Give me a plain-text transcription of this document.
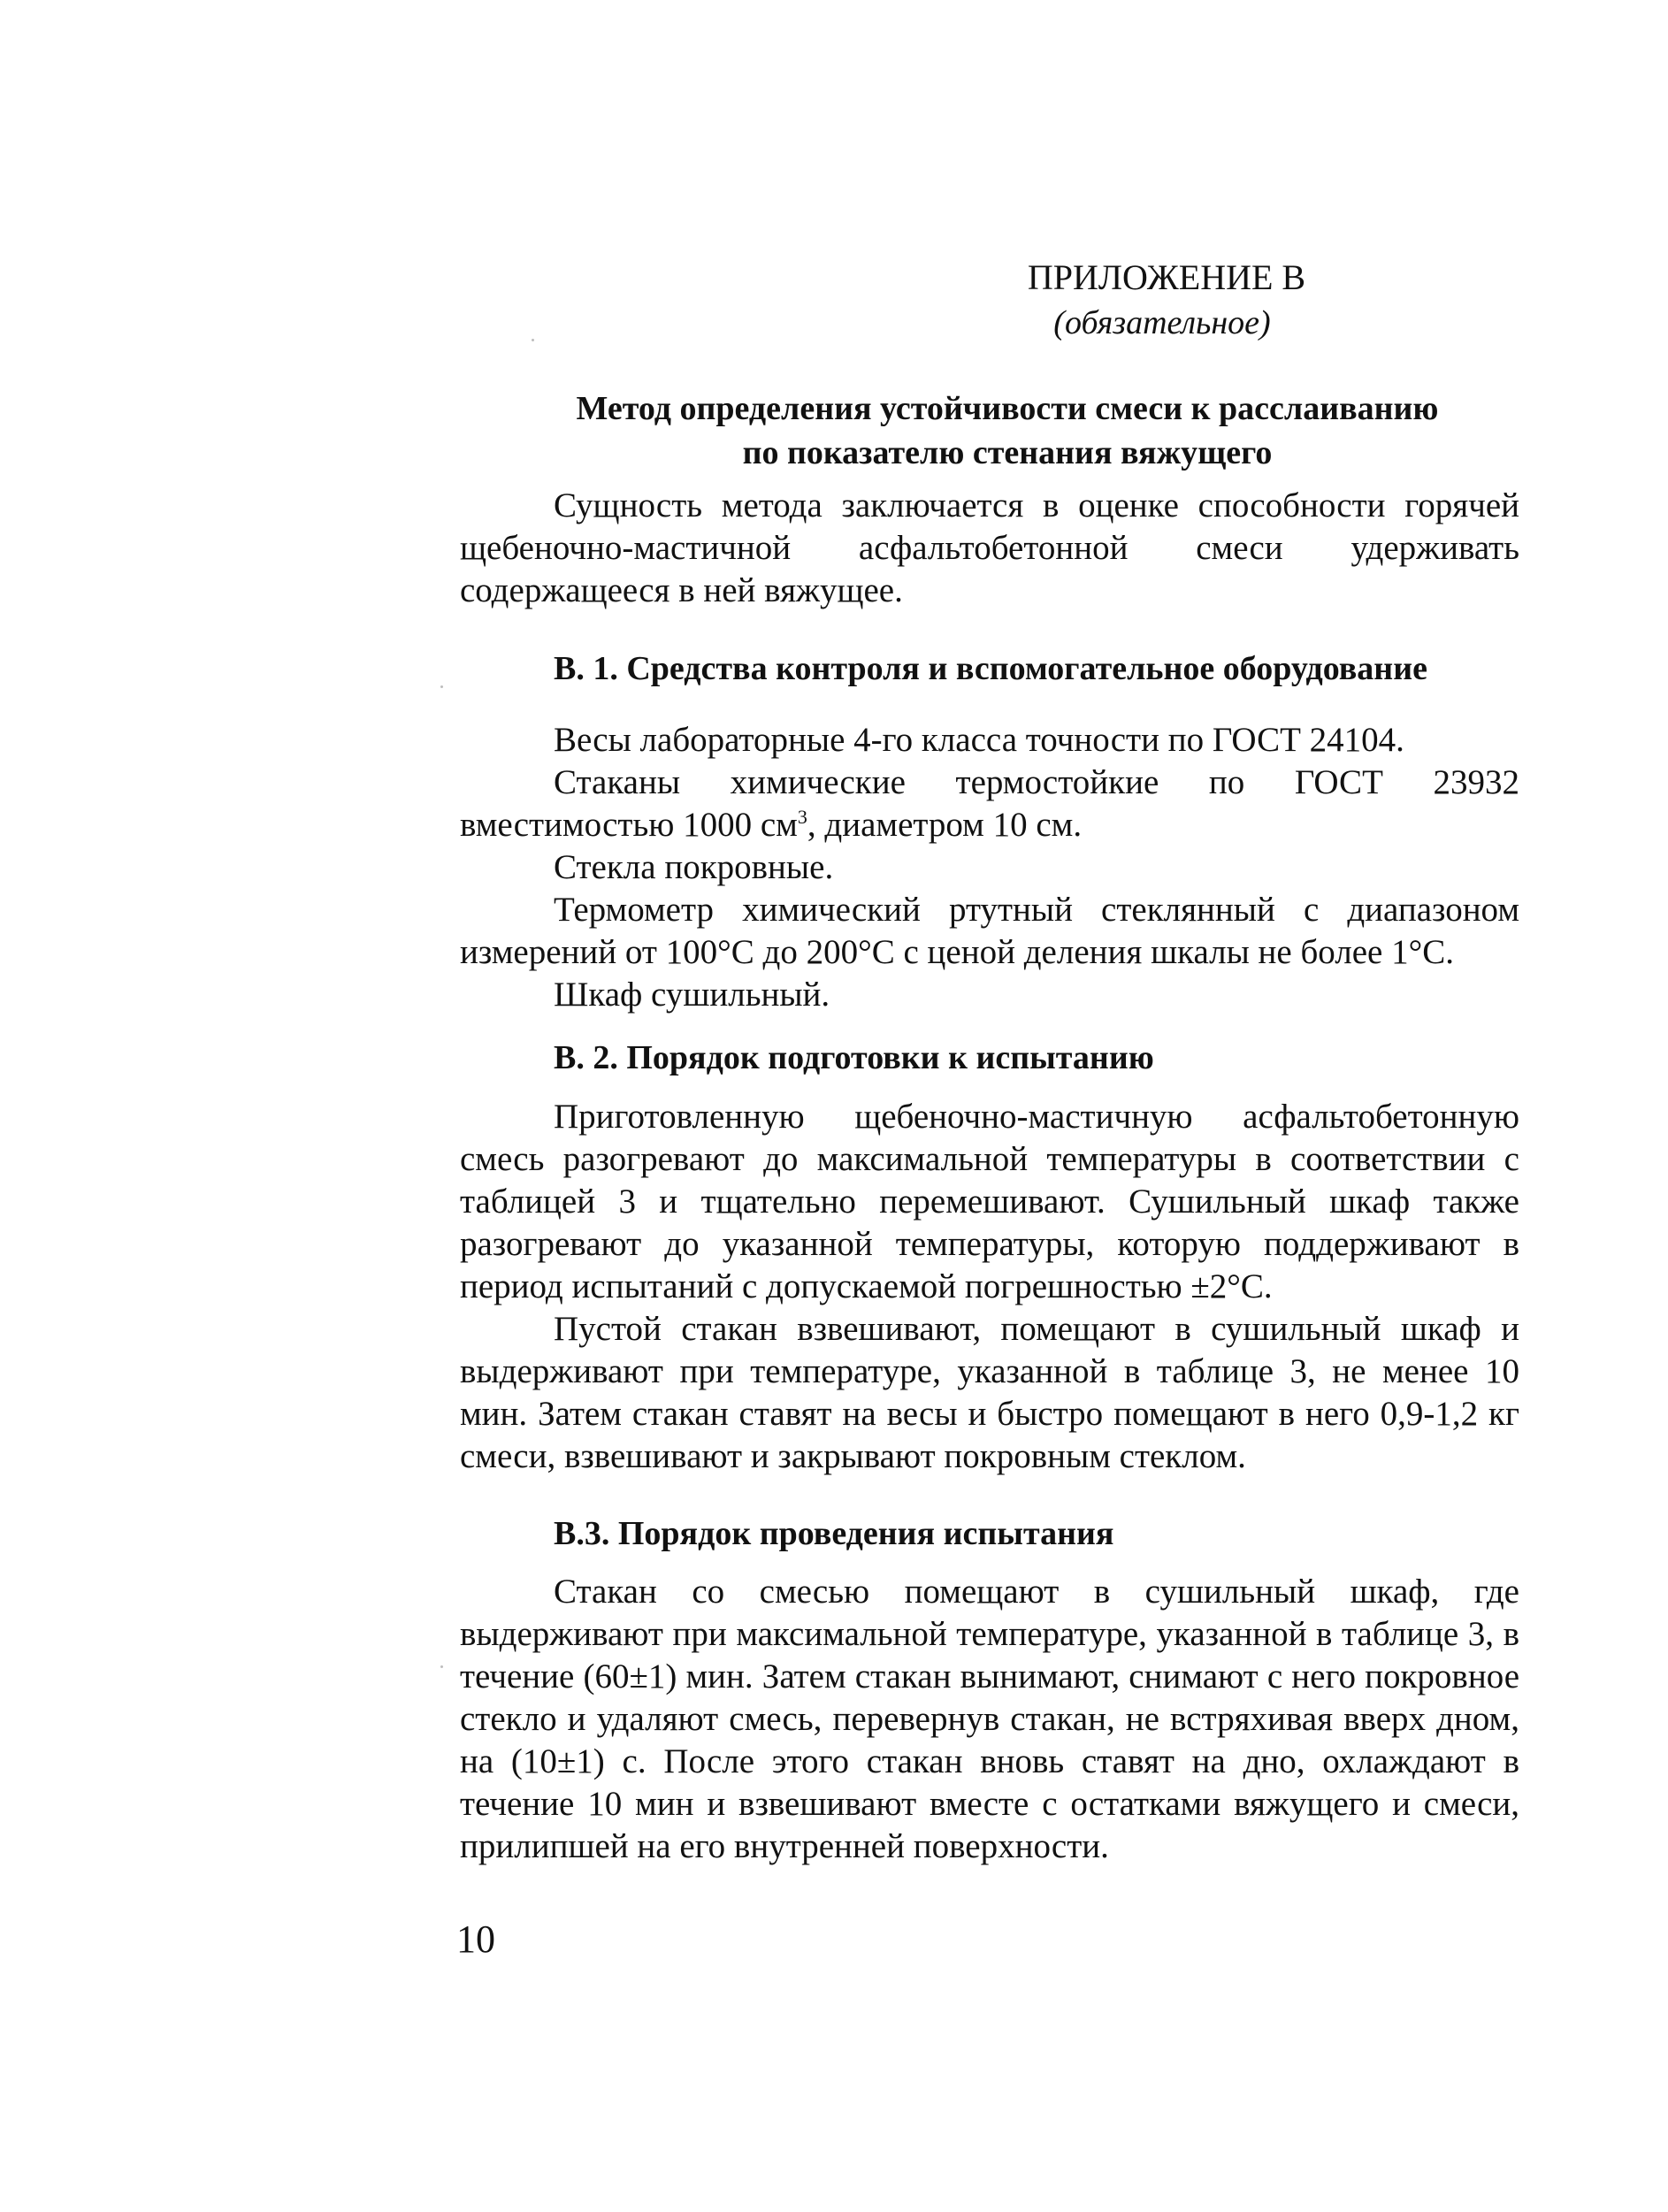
ПРИЛОЖЕНИЕ В
(обязательное)
Метод определения устойчивости смеси к расслаиванию
по показателю стенания вяжущего

Сущность метода заключается в оценке способности горячей щебеночно-мастичной асфальтобетонной смеси удерживать содержащееся в ней вяжущее.

В. 1. Средства контроля и вспомогательное оборудование

Весы лабораторные 4-го класса точности по ГОСТ 24104.

Стаканы химические термостойкие по ГОСТ 23932 вместимостью 1000 $см^3$, диаметром 10 см.

Стекла покровные.

Термометр химический ртутный стеклянный с диапазоном измерений от 100°С до 200°С с ценой деления шкалы не более 1°С.

Шкаф сушильный.

В. 2. Порядок подготовки к испытанию

Приготовленную щебеночно-мастичную асфальтобетонную смесь разогревают до максимальной температуры в соответствии с таблицей 3 и тщательно перемешивают. Сушильный шкаф также разогревают до указанной температуры, которую поддерживают в период испытаний с допускаемой погрешностью ±2°С.

Пустой стакан взвешивают, помещают в сушильный шкаф и выдерживают при температуре, указанной в таблице 3, не менее 10 мин. Затем стакан ставят на весы и быстро помещают в него 0,9-1,2 кг смеси, взвешивают и закрывают покровным стеклом.

В.3. Порядок проведения испытания

Стакан со смесью помещают в сушильный шкаф, где выдерживают при максимальной температуре, указанной в таблице 3, в течение (60±1) мин. Затем стакан вынимают, снимают с него покровное стекло и удаляют смесь, перевернув стакан, не встряхивая вверх дном, на (10±1) с. После этого стакан вновь ставят на дно, охлаждают в течение 10 мин и взвешивают вместе с остатками вяжущего и смеси, прилипшей на его внутренней поверхности.

10
